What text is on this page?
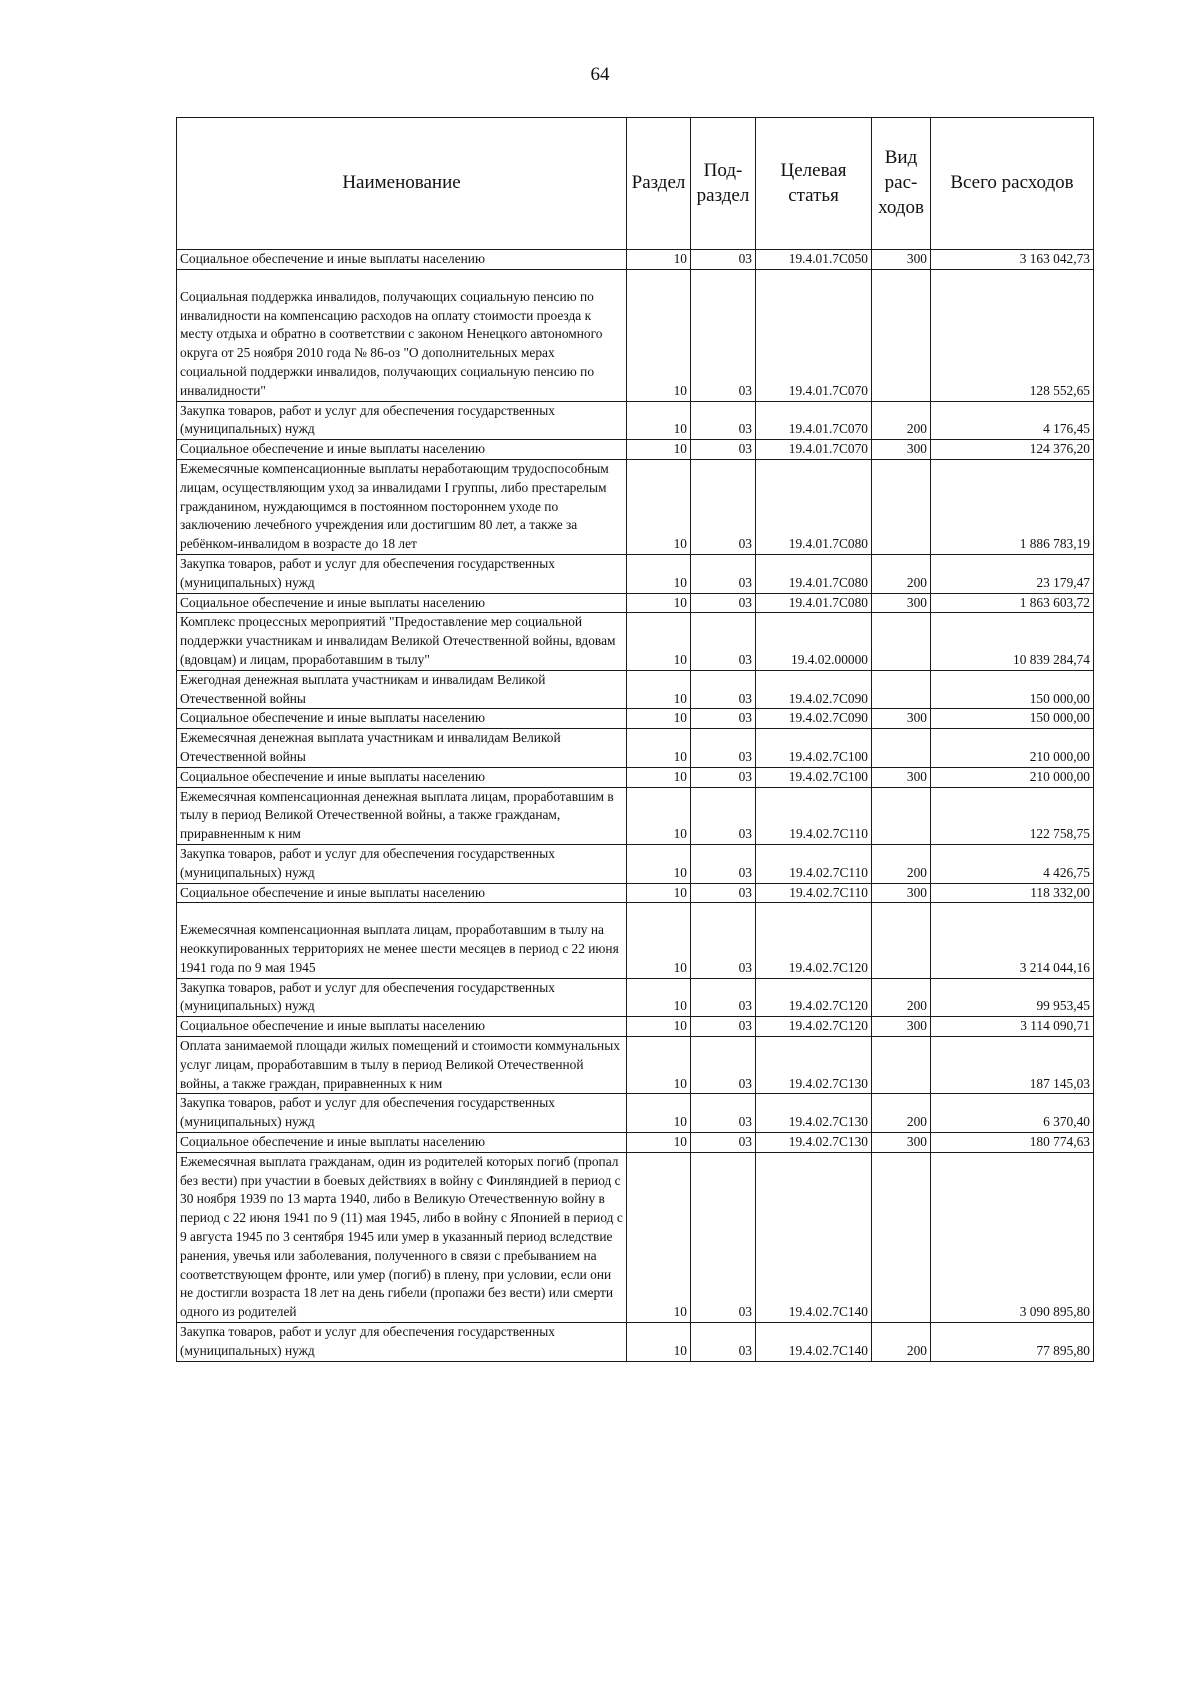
64
Наименование	Раздел	Под-раздел	Целевая статья	Вид рас-ходов	Всего расходов
Социальное обеспечение и иные выплаты населению	10	03	19.4.01.7С050	300	3 163 042,73
Социальная поддержка инвалидов, получающих социальную пенсию по инвалидности на компенсацию расходов на оплату стоимости проезда к месту отдыха и обратно в соответствии с законом Ненецкого автономного округа от 25 ноября 2010 года № 86-оз "О дополнительных мерах социальной поддержки инвалидов, получающих социальную пенсию по инвалидности"	10	03	19.4.01.7С070		128 552,65
Закупка товаров, работ и услуг для обеспечения государственных (муниципальных) нужд	10	03	19.4.01.7С070	200	4 176,45
Социальное обеспечение и иные выплаты населению	10	03	19.4.01.7С070	300	124 376,20
Ежемесячные компенсационные выплаты неработающим трудоспособным лицам, осуществляющим уход за инвалидами I группы, либо престарелым гражданином, нуждающимся в постоянном постороннем уходе по заключению лечебного учреждения или достигшим 80 лет, а также за ребёнком-инвалидом в возрасте до 18 лет	10	03	19.4.01.7С080		1 886 783,19
Закупка товаров, работ и услуг для обеспечения государственных (муниципальных) нужд	10	03	19.4.01.7С080	200	23 179,47
Социальное обеспечение и иные выплаты населению	10	03	19.4.01.7С080	300	1 863 603,72
Комплекс процессных мероприятий "Предоставление мер социальной поддержки участникам и инвалидам Великой Отечественной войны, вдовам (вдовцам) и лицам, проработавшим в тылу"	10	03	19.4.02.00000		10 839 284,74
Ежегодная денежная выплата участникам и инвалидам Великой Отечественной войны	10	03	19.4.02.7С090		150 000,00
Социальное обеспечение и иные выплаты населению	10	03	19.4.02.7С090	300	150 000,00
Ежемесячная денежная выплата участникам и инвалидам Великой Отечественной войны	10	03	19.4.02.7С100		210 000,00
Социальное обеспечение и иные выплаты населению	10	03	19.4.02.7С100	300	210 000,00
Ежемесячная компенсационная денежная выплата лицам, проработавшим в тылу в период Великой Отечественной войны, а также гражданам, приравненным к ним	10	03	19.4.02.7С110		122 758,75
Закупка товаров, работ и услуг для обеспечения государственных (муниципальных) нужд	10	03	19.4.02.7С110	200	4 426,75
Социальное обеспечение и иные выплаты населению	10	03	19.4.02.7С110	300	118 332,00
Ежемесячная компенсационная выплата лицам, проработавшим в тылу на неоккупированных территориях не менее шести месяцев в период с 22 июня 1941 года по 9 мая 1945	10	03	19.4.02.7С120		3 214 044,16
Закупка товаров, работ и услуг для обеспечения государственных (муниципальных) нужд	10	03	19.4.02.7С120	200	99 953,45
Социальное обеспечение и иные выплаты населению	10	03	19.4.02.7С120	300	3 114 090,71
Оплата занимаемой площади жилых помещений и стоимости коммунальных услуг лицам, проработавшим в тылу в период Великой Отечественной войны, а также граждан, приравненных к ним	10	03	19.4.02.7С130		187 145,03
Закупка товаров, работ и услуг для обеспечения государственных (муниципальных) нужд	10	03	19.4.02.7С130	200	6 370,40
Социальное обеспечение и иные выплаты населению	10	03	19.4.02.7С130	300	180 774,63
Ежемесячная выплата гражданам, один из родителей которых погиб (пропал без вести) при участии в боевых действиях в войну с Финляндией в период с 30 ноября 1939 по 13 марта 1940, либо в Великую Отечественную войну в период с 22 июня 1941 по 9 (11) мая 1945, либо в войну с Японией в период с 9 августа 1945 по 3 сентября 1945 или умер в указанный период вследствие ранения, увечья или заболевания, полученного в связи с пребыванием на соответствующем фронте, или умер (погиб) в плену, при условии, если они не достигли возраста 18 лет на день гибели (пропажи без вести) или смерти одного из родителей	10	03	19.4.02.7С140		3 090 895,80
Закупка товаров, работ и услуг для обеспечения государственных (муниципальных) нужд	10	03	19.4.02.7С140	200	77 895,80
